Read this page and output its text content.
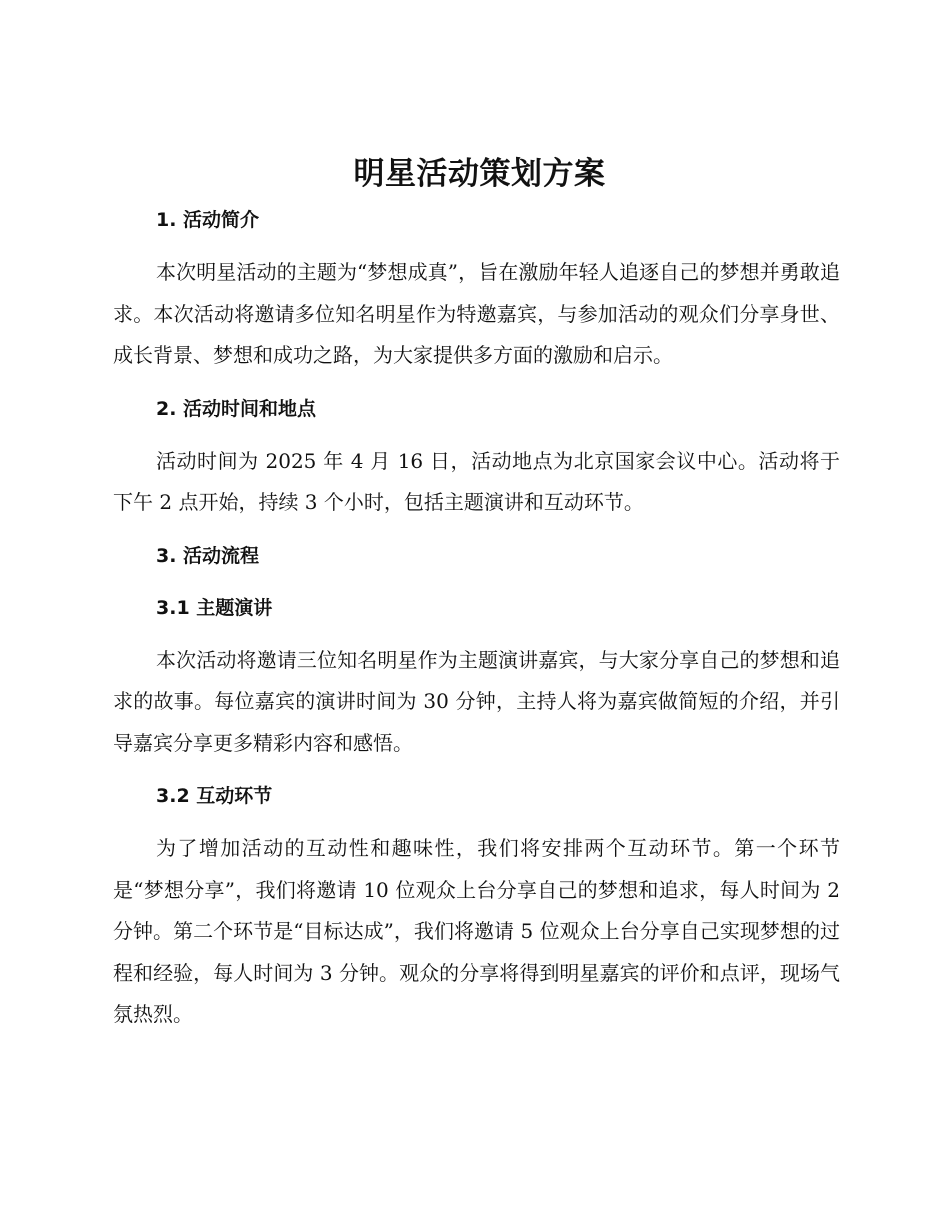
明星活动策划方案
1. 活动简介

本次明星活动的主题为“梦想成真”，旨在激励年轻人追逐自己的梦想并勇敢追求。本次活动将邀请多位知名明星作为特邀嘉宾，与参加活动的观众们分享身世、成长背景、梦想和成功之路，为大家提供多方面的激励和启示。

2. 活动时间和地点

活动时间为 2025 年 4 月 16 日，活动地点为北京国家会议中心。活动将于下午 2 点开始，持续 3 个小时，包括主题演讲和互动环节。

3. 活动流程
3.1 主题演讲

本次活动将邀请三位知名明星作为主题演讲嘉宾，与大家分享自己的梦想和追求的故事。每位嘉宾的演讲时间为 30 分钟，主持人将为嘉宾做简短的介绍，并引导嘉宾分享更多精彩内容和感悟。

3.2 互动环节

为了增加活动的互动性和趣味性，我们将安排两个互动环节。第一个环节是“梦想分享”，我们将邀请 10 位观众上台分享自己的梦想和追求，每人时间为 2 分钟。第二个环节是“目标达成”，我们将邀请 5 位观众上台分享自己实现梦想的过程和经验，每人时间为 3 分钟。观众的分享将得到明星嘉宾的评价和点评，现场气氛热烈。
